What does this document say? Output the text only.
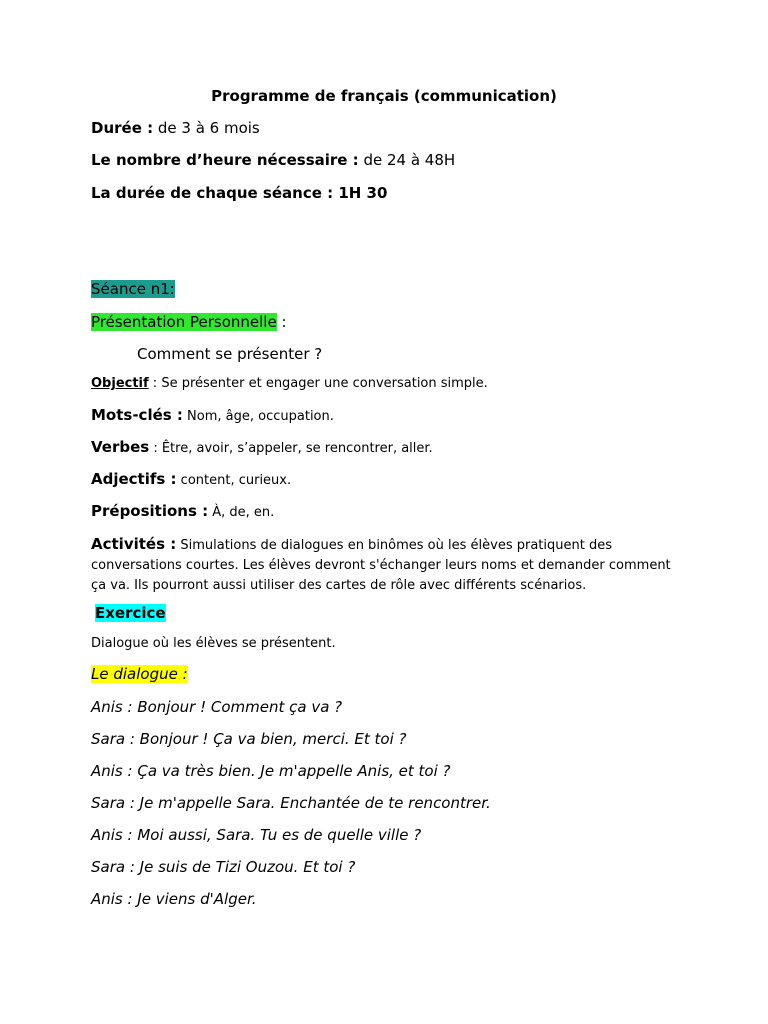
Programme de français (communication)
Durée : de 3 à 6 mois
Le nombre d’heure nécessaire : de 24 à 48H
La durée de chaque séance : 1H 30
Séance n1:
Présentation Personnelle :
Comment se présenter ?
Objectif : Se présenter et engager une conversation simple.
Mots-clés : Nom, âge, occupation.
Verbes : Être, avoir, s’appeler, se rencontrer, aller.
Adjectifs : content, curieux.
Prépositions : À, de, en.
Activités : Simulations de dialogues en binômes où les élèves pratiquent des conversations courtes. Les élèves devront s'échanger leurs noms et demander comment ça va. Ils pourront aussi utiliser des cartes de rôle avec différents scénarios.
Exercice
Dialogue où les élèves se présentent.
Le dialogue :
Anis : Bonjour ! Comment ça va ?
Sara : Bonjour ! Ça va bien, merci. Et toi ?
Anis : Ça va très bien. Je m'appelle Anis, et toi ?
Sara : Je m'appelle Sara. Enchantée de te rencontrer.
Anis : Moi aussi, Sara. Tu es de quelle ville ?
Sara : Je suis de Tizi Ouzou. Et toi ?
Anis : Je viens d'Alger.
